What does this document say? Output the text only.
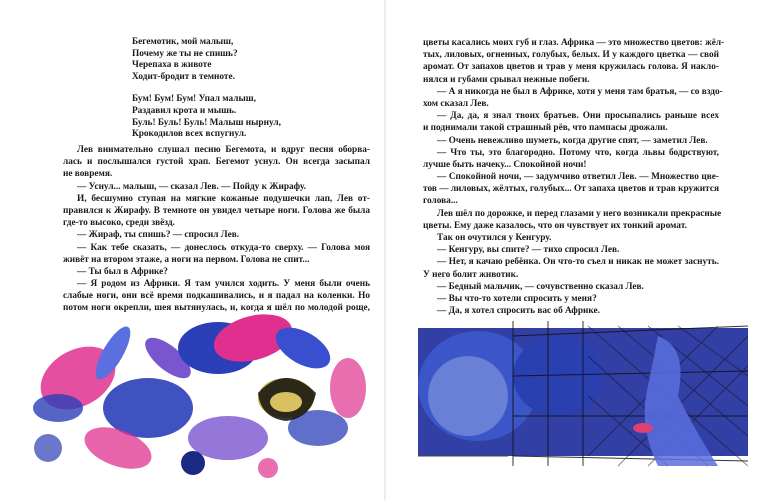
Бегемотик, мой малыш,
Почему же ты не спишь?
Черепаха в животе
Ходит-бродит в темноте.
Бум! Бум! Бум! Упал малыш,
Раздавил крота и мышь.
Буль! Буль! Буль! Малыш нырнул,
Крокодилов всех вспугнул.
Лев внимательно слушал песню Бегемота, и вдруг песня оборва-
лась и послышался густой храп. Бегемот уснул. Он всегда засыпал
не вовремя.
— Уснул... малыш, — сказал Лев. — Пойду к Жирафу.
И, бесшумно ступая на мягкие кожаные подушечки лап, Лев от-
правился к Жирафу. В темноте он увидел четыре ноги. Голова же была
где-то высоко, среди звёзд.
— Жираф, ты спишь? — спросил Лев.
— Как тебе сказать, — донеслось откуда-то сверху. — Голова моя
живёт на втором этаже, а ноги на первом. Голова не спит...
— Ты был в Африке?
— Я родом из Африки. Я там учился ходить. У меня были очень
слабые ноги, они всё время подкашивались, и я падал на коленки. Но
потом ноги окрепли, шея вытянулась, и, когда я шёл по молодой роще,
цветы касались моих губ и глаз. Африка — это множество цветов: жёл-
тых, лиловых, огненных, голубых, белых. И у каждого цветка — свой
аромат. От запахов цветов и трав у меня кружилась голова. Я накло-
нялся и губами срывал нежные побеги.
— А я никогда не был в Африке, хотя у меня там братья, — со вздо-
хом сказал Лев.
— Да, да, я знал твоих братьев. Они просыпались раньше всех
и поднимали такой страшный рёв, что пампасы дрожали.
— Очень невежливо шуметь, когда другие спят, — заметил Лев.
— Что ты, это благородно. Потому что, когда львы бодрствуют,
лучше быть начеку... Спокойной ночи!
— Спокойной ночи, — задумчиво ответил Лев. — Множество цве-
тов — лиловых, жёлтых, голубых... От запаха цветов и трав кружится
голова...
Лев шёл по дорожке, и перед глазами у него возникали прекрасные
цветы. Ему даже казалось, что он чувствует их тонкий аромат.
Так он очутился у Кенгуру.
— Кенгуру, вы спите? — тихо спросил Лев.
— Нет, я качаю ребёнка. Он что-то съел и никак не может заснуть.
У него болит животик.
— Бедный мальчик, — сочувственно сказал Лев.
— Вы что-то хотели спросить у меня?
— Да, я хотел спросить вас об Африке.
